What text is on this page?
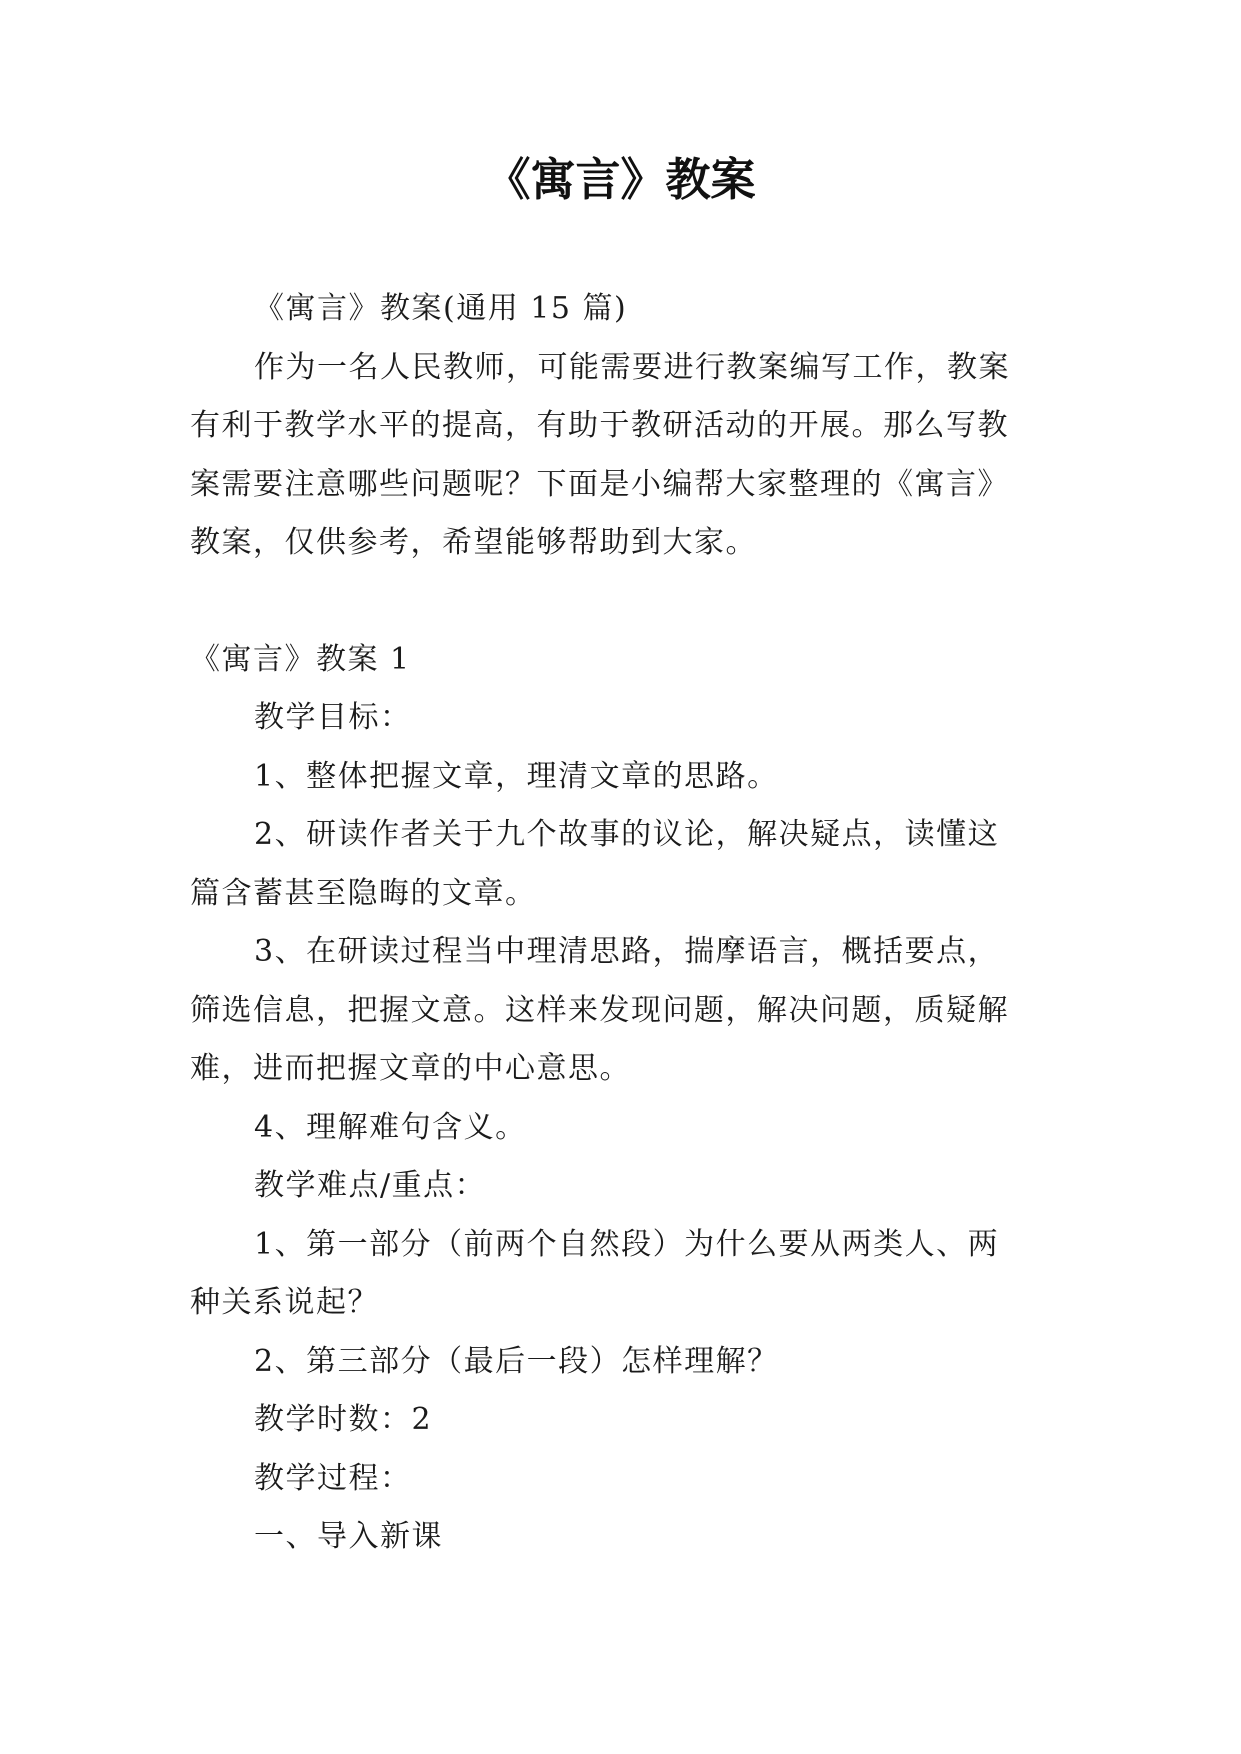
《寓言》教案

《寓言》教案(通用 15 篇)

作为一名人民教师，可能需要进行教案编写工作，教案

有利于教学水平的提高，有助于教研活动的开展。那么写教

案需要注意哪些问题呢？下面是小编帮大家整理的《寓言》

教案，仅供参考，希望能够帮助到大家。

《寓言》教案 1

教学目标：

1、整体把握文章，理清文章的思路。

2、研读作者关于九个故事的议论，解决疑点，读懂这

篇含蓄甚至隐晦的文章。

3、在研读过程当中理清思路，揣摩语言，概括要点，

筛选信息，把握文意。这样来发现问题，解决问题，质疑解

难，进而把握文章的中心意思。

4、理解难句含义。

教学难点/重点：

1、第一部分（前两个自然段）为什么要从两类人、两

种关系说起？

2、第三部分（最后一段）怎样理解？

教学时数：2

教学过程：

一、导入新课
